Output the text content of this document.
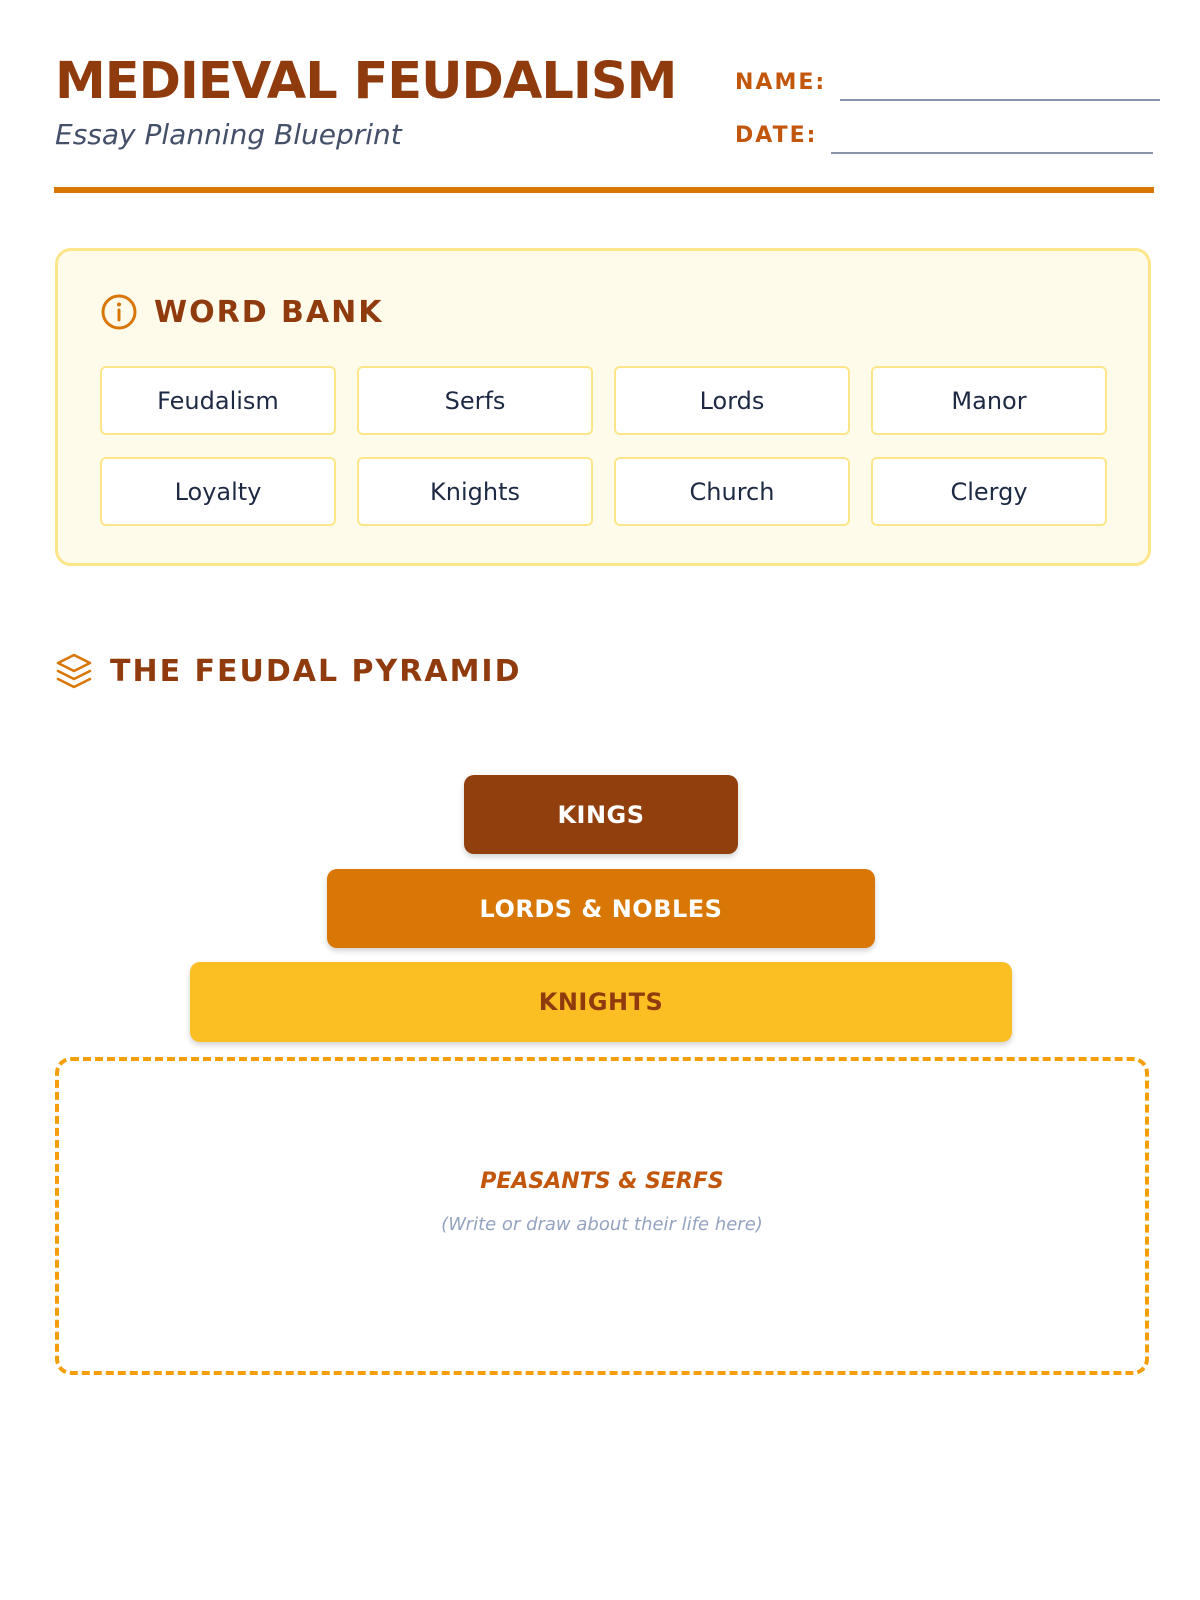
MEDIEVAL FEUDALISM
Essay Planning Blueprint
NAME:
DATE:
WORD BANK
Feudalism	Serfs	Lords	Manor
Loyalty	Knights	Church	Clergy
THE FEUDAL PYRAMID
KINGS
LORDS & NOBLES
KNIGHTS
PEASANTS & SERFS
(Write or draw about their life here)
